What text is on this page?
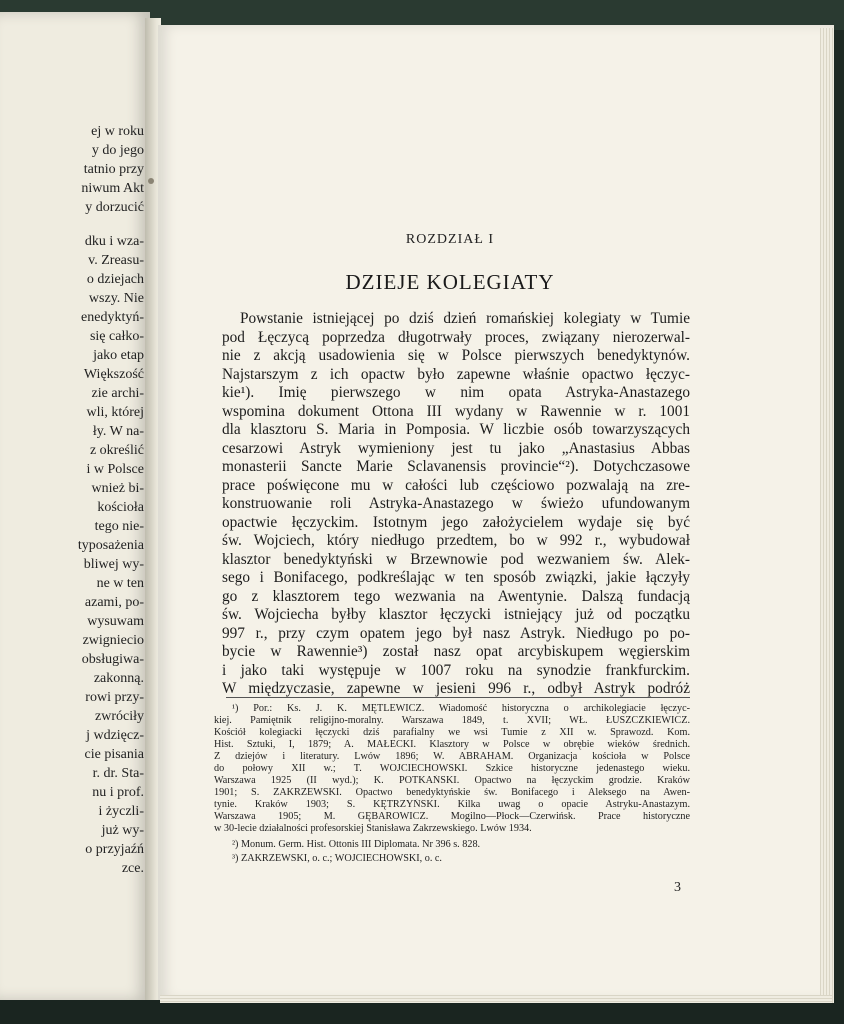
ej w roku
y do jego
tatnio przy
niwum Akt
y dorzucić
dku i wza-
v. Zreasu-
o dziejach
wszy. Nie
enedyktyń-
się całko-
jako etap
Większość
zie archi-
wli, której
ły. W na-
z określić
i w Polsce
wnież bi-
kościoła
tego nie-
typosażenia
bliwej wy-
ne w ten
azami, po-
wysuwam
zwigniecio
obsługiwa-
zakonną.
rowi przy-
zwróciły
j wdzięcz-
cie pisania
r. dr. Sta-
nu i prof.
i życzli-
już wy-
o przyjaźń
zce.
ROZDZIAŁ I
DZIEJE KOLEGIATY
Powstanie istniejącej po dziś dzień romańskiej kolegiaty w Tumie
pod Łęczycą poprzedza długotrwały proces, związany nierozerwal-
nie z akcją usadowienia się w Polsce pierwszych benedyktynów.
Najstarszym z ich opactw było zapewne właśnie opactwo łęczyc-
kie¹). Imię pierwszego w nim opata Astryka-Anastazego
wspomina dokument Ottona III wydany w Rawennie w r. 1001
dla klasztoru S. Maria in Pomposia. W liczbie osób towarzyszących
cesarzowi Astryk wymieniony jest tu jako „Anastasius Abbas
monasterii Sancte Marie Sclavanensis provincie“²). Dotychczasowe
prace poświęcone mu w całości lub częściowo pozwalają na zre-
konstruowanie roli Astryka-Anastazego w świeżo ufundowanym
opactwie łęczyckim. Istotnym jego założycielem wydaje się być
św. Wojciech, który niedługo przedtem, bo w 992 r., wybudował
klasztor benedyktyński w Brzewnowie pod wezwaniem św. Alek-
sego i Bonifacego, podkreślając w ten sposób związki, jakie łączyły
go z klasztorem tego wezwania na Awentynie. Dalszą fundacją
św. Wojciecha byłby klasztor łęczycki istniejący już od początku
997 r., przy czym opatem jego był nasz Astryk. Niedługo po po-
bycie w Rawennie³) został nasz opat arcybiskupem węgierskim
i jako taki występuje w 1007 roku na synodzie frankfurckim.
W międzyczasie, zapewne w jesieni 996 r., odbył Astryk podróż
¹) Por.: Ks. J. K. MĘTLEWICZ. Wiadomość historyczna o archikolegiacie łęczyc-
kiej. Pamiętnik religijno-moralny. Warszawa 1849, t. XVII; WŁ. ŁUSZCZKIEWICZ.
Kościół kolegiacki łęczycki dziś parafialny we wsi Tumie z XII w. Sprawozd. Kom.
Hist. Sztuki, I, 1879; A. MAŁECKI. Klasztory w Polsce w obrębie wieków średnich.
Z dziejów i literatury. Lwów 1896; W. ABRAHAM. Organizacja kościoła w Polsce
do połowy XII w.; T. WOJCIECHOWSKI. Szkice historyczne jedenastego wieku.
Warszawa 1925 (II wyd.); K. POTKAŃSKI. Opactwo na łęczyckim grodzie. Kraków
1901; S. ZAKRZEWSKI. Opactwo benedyktyńskie św. Bonifacego i Aleksego na Awen-
tynie. Kraków 1903; S. KĘTRZYŃSKI. Kilka uwag o opacie Astryku-Anastazym.
Warszawa 1905; M. GĘBAROWICZ. Mogilno—Płock—Czerwińsk. Prace historyczne
w 30-lecie działalności profesorskiej Stanisława Zakrzewskiego. Lwów 1934.
²) Monum. Germ. Hist. Ottonis III Diplomata. Nr 396 s. 828.
³) ZAKRZEWSKI, o. c.; WOJCIECHOWSKI, o. c.
3
